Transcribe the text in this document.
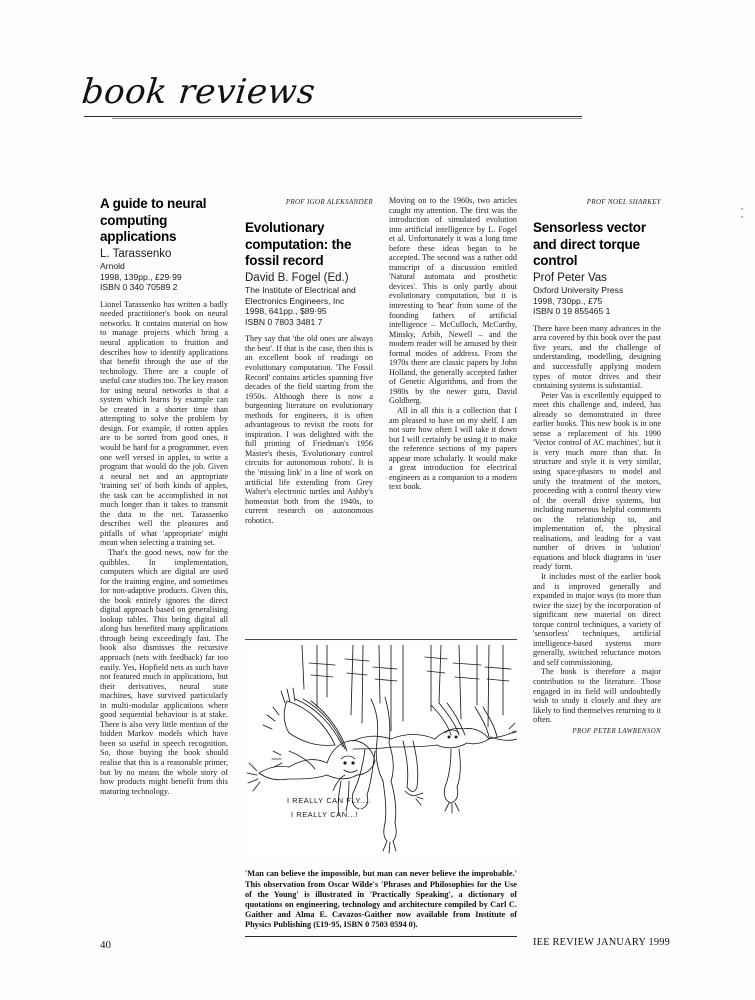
book reviews
A guide to neural computing applications
L. Tarassenko
Arnold
1998, 139pp., £29·99
ISBN 0 340 70589 2

Lionel Tarassenko has written a badly needed practitioner's book on neural networks. It contains material on how to manage projects which bring a neural application to fruition and describes how to identify applications that benefit through the use of the technology. There are a couple of useful case studies too. The key reason for using neural networks is that a system which learns by example can be created in a shorter time than attempting to solve the problem by design. For example, if rotten apples are to be sorted from good ones, it would be hard for a programmer, even one well versed in apples, to write a program that would do the job. Given a neural net and an appropriate 'training set' of both kinds of apples, the task can be accomplished in not much longer than it takes to transmit the data to the net. Tarassenko describes well the pleasures and pitfalls of what 'appropriate' might mean when selecting a training set.

That's the good news, now for the quibbles. In implementation, computers which are digital are used for the training engine, and sometimes for non-adaptive products. Given this, the book entirely ignores the direct digital approach based on generalising lookup tables. This being digital all along has benefited many applications through being exceedingly fast. The book also dismisses the recursive approach (nets with feedback) far too easily. Yes, Hopfield nets as such have not featured much in applications, but their derivatives, neural state machines, have survived particularly in multi-modular applications where good sequential behaviour is at stake. There is also very little mention of the hidden Markov models which have been so useful in speech recognition. So, those buying the book should realise that this is a reasonable primer, but by no means the whole story of how products might benefit from this maturing technology.

PROF IGOR ALEKSANDER

Evolutionary computation: the fossil record
David B. Fogel (Ed.)
The Institute of Electrical and Electronics Engineers, Inc
1998, 641pp., $89·95
ISBN 0 7803 3481 7

They say that 'the old ones are always the best'. If that is the case, then this is an excellent book of readings on evolutionary computation. 'The Fossil Record' contains articles spanning five decades of the field starting from the 1950s. Although there is now a burgeoning literature on evolutionary methods for engineers, it is often advantageous to revisit the roots for inspiration. I was delighted with the full printing of Friedman's 1956 Master's thesis, 'Evolutionary control circuits for autonomous robots'. It is the 'missing link' in a line of work on artificial life extending from Grey Walter's electronic turtles and Ashby's homeostat both from the 1940s, to current research on autonomous robotics.

Moving on to the 1960s, two articles caught my attention. The first was the introduction of simulated evolution into artificial intelligence by L. Fogel et al. Unfortunately it was a long time before these ideas began to be accepted. The second was a rather odd transcript of a discussion entitled 'Natural automata and prosthetic devices'. This is only partly about evolutionary computation, but it is interesting to 'hear' from some of the founding fathers of artificial intelligence – McCulloch, McCarthy, Minsky, Arbib, Newell – and the modern reader will be amused by their formal modes of address. From the 1970s there are classic papers by John Holland, the generally accepted father of Genetic Algorithms, and from the 1980s by the newer guru, David Goldberg.

All in all this is a collection that I am pleased to have on my shelf. I am not sure how often I will take it down but I will certainly be using it to make the reference sections of my papers appear more scholarly. It would make a great introduction for electrical engineers as a companion to a modern text book.

PROF NOEL SHARKEY

Sensorless vector and direct torque control
Prof Peter Vas
Oxford University Press
1998, 730pp., £75
ISBN 0 19 855465 1

There have been many advances in the area covered by this book over the past five years, and the challenge of understanding, modelling, designing and successfully applying modern types of motor drives and their containing systems is substantial.

Peter Vas is excellently equipped to meet this challenge and, indeed, has already so demonstrated in three earlier books. This new book is in one sense a replacement of his 1990 'Vector control of AC machines', but it is very much more than that. In structure and style it is very similar, using space-phasors to model and unify the treatment of the motors, proceeding with a control theory view of the overall drive systems, but including numerous helpful comments on the relationship to, and implementation of, the physical realisations, and leading for a vast number of drives in 'solution' equations and block diagrams in 'user ready' form.

It includes most of the earlier book and is improved generally and expanded in major ways (to more than twice the size) by the incorporation of significant new material on direct torque control techniques, a variety of 'sensorless' techniques, artificial intelligence-based systems more generally, switched reluctance motors and self commissioning.

The book is therefore a major contribution to the literature. Those engaged in its field will undoubtedly wish to study it closely and they are likely to find themselves returning to it often.

PROF PETER LAWRENSON

I REALLY CAN FLY....
I REALLY CAN...!

'Man can believe the impossible, but man can never believe the improbable.' This observation from Oscar Wilde's 'Phrases and Philosophies for the Use of the Young' is illustrated in 'Practically Speaking', a dictionary of quotations on engineering, technology and architecture compiled by Carl C. Gaither and Alma E. Cavazos-Gaither now available from Institute of Physics Publishing (£19·95, ISBN 0 7503 0594 0).

40	IEE REVIEW JANUARY 1999
